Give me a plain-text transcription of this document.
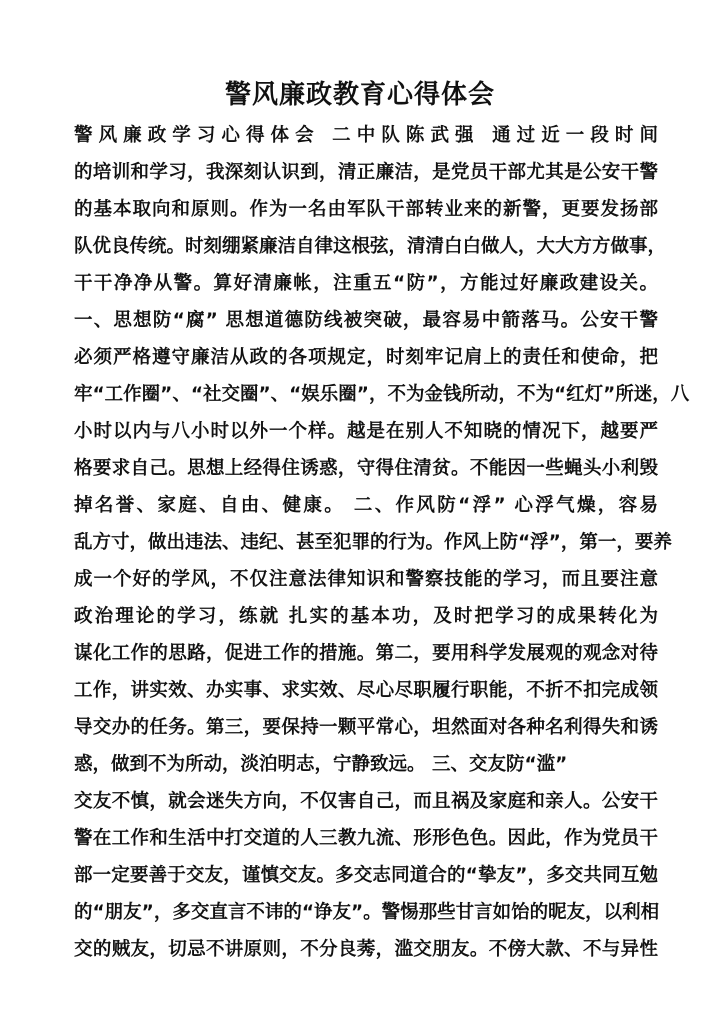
警风廉政教育心得体会
警风廉政学习心得体会 二中队陈武强 通过近一段时间
的培训和学习，我深刻认识到，清正廉洁，是党员干部尤其是公安干警
的基本取向和原则。作为一名由军队干部转业来的新警，更要发扬部
队优良传统。时刻绷紧廉洁自律这根弦，清清白白做人，大大方方做事，
干干净净从警。算好清廉帐，注重五“防”，方能过好廉政建设关。
一、思想防“腐” 思想道德防线被突破，最容易中箭落马。公安干警
必须严格遵守廉洁从政的各项规定，时刻牢记肩上的责任和使命，把
牢“工作圈”、“社交圈”、“娱乐圈”，不为金钱所动，不为“红灯”所迷，八
小时以内与八小时以外一个样。越是在别人不知晓的情况下，越要严
格要求自己。思想上经得住诱惑，守得住清贫。不能因一些蝇头小利毁
掉名誉、家庭、自由、健康。 二、作风防“浮” 心浮气燥，容易
乱方寸，做出违法、违纪、甚至犯罪的行为。作风上防“浮”，第一，要养
成一个好的学风，不仅注意法律知识和警察技能的学习，而且要注意
政治理论的学习，练就 扎实的基本功，及时把学习的成果转化为
谋化工作的思路，促进工作的措施。第二，要用科学发展观的观念对待
工作，讲实效、办实事、求实效、尽心尽职履行职能，不折不扣完成领
导交办的任务。第三，要保持一颗平常心，坦然面对各种名利得失和诱
惑，做到不为所动，淡泊明志，宁静致远。 三、交友防“滥”
交友不慎，就会迷失方向，不仅害自己，而且祸及家庭和亲人。公安干
警在工作和生活中打交道的人三教九流、形形色色。因此，作为党员干
部一定要善于交友，谨慎交友。多交志同道合的“挚友”，多交共同互勉
的“朋友”，多交直言不讳的“诤友”。警惕那些甘言如饴的昵友，以利相
交的贼友，切忌不讲原则，不分良莠，滥交朋友。不傍大款、不与异性
